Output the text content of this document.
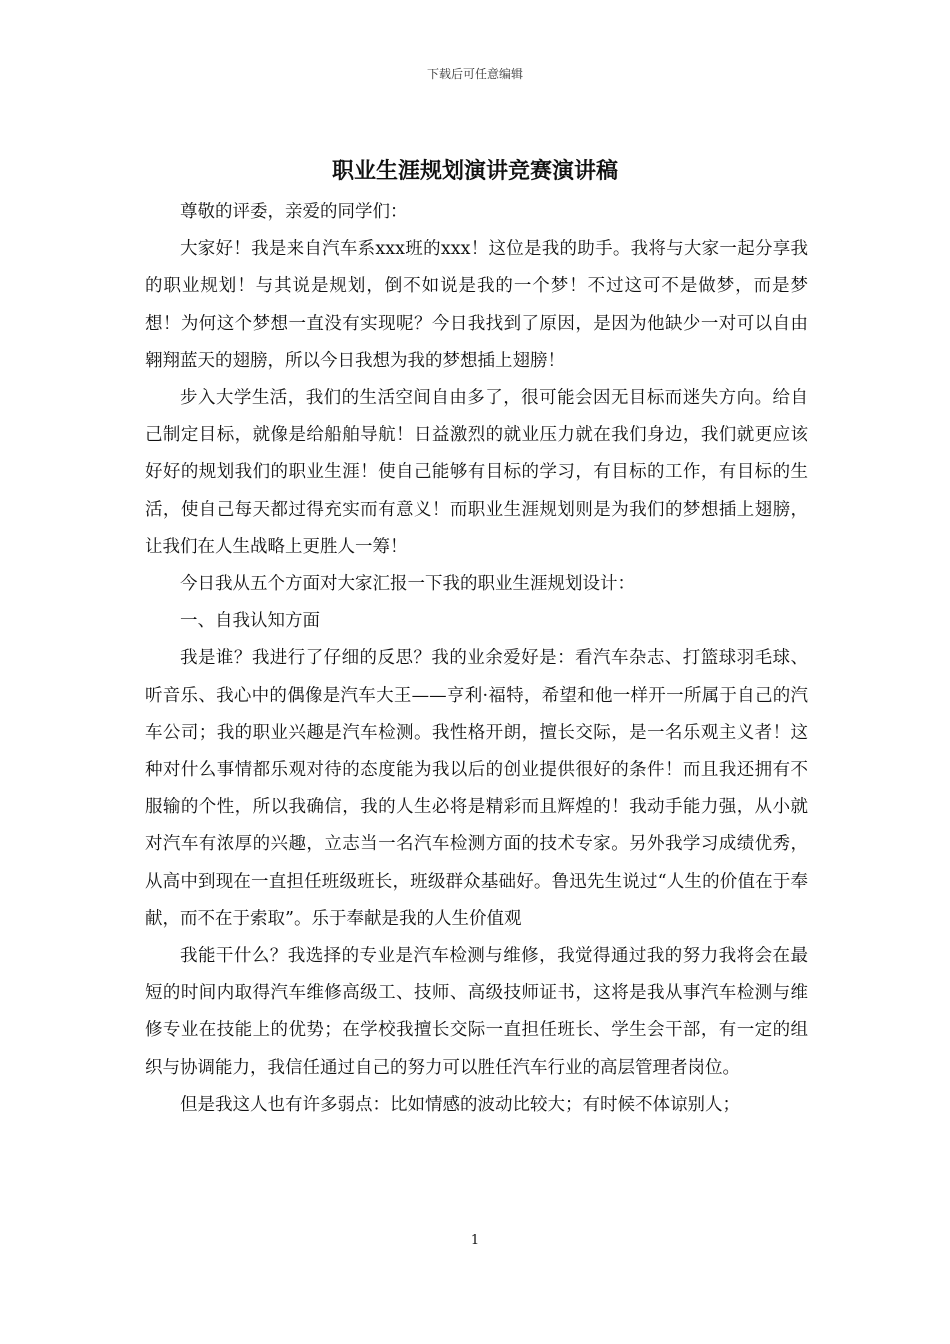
下载后可任意编辑
职业生涯规划演讲竞赛演讲稿

尊敬的评委，亲爱的同学们：

大家好！我是来自汽车系xxx班的xxx！这位是我的助手。我将与大家一起分享我的职业规划！与其说是规划，倒不如说是我的一个梦！不过这可不是做梦，而是梦想！为何这个梦想一直没有实现呢？今日我找到了原因，是因为他缺少一对可以自由翱翔蓝天的翅膀，所以今日我想为我的梦想插上翅膀！

步入大学生活，我们的生活空间自由多了，很可能会因无目标而迷失方向。给自己制定目标，就像是给船舶导航！日益激烈的就业压力就在我们身边，我们就更应该好好的规划我们的职业生涯！使自己能够有目标的学习，有目标的工作，有目标的生活，使自己每天都过得充实而有意义！而职业生涯规划则是为我们的梦想插上翅膀，让我们在人生战略上更胜人一筹！

今日我从五个方面对大家汇报一下我的职业生涯规划设计：

一、自我认知方面

我是谁？我进行了仔细的反思？我的业余爱好是：看汽车杂志、打篮球羽毛球、听音乐、我心中的偶像是汽车大王——亨利·福特，希望和他一样开一所属于自己的汽车公司；我的职业兴趣是汽车检测。我性格开朗，擅长交际，是一名乐观主义者！这种对什么事情都乐观对待的态度能为我以后的创业提供很好的条件！而且我还拥有不服输的个性，所以我确信，我的人生必将是精彩而且辉煌的！我动手能力强，从小就对汽车有浓厚的兴趣，立志当一名汽车检测方面的技术专家。另外我学习成绩优秀，从高中到现在一直担任班级班长，班级群众基础好。鲁迅先生说过“人生的价值在于奉献，而不在于索取”。乐于奉献是我的人生价值观

我能干什么？我选择的专业是汽车检测与维修，我觉得通过我的努力我将会在最短的时间内取得汽车维修高级工、技师、高级技师证书，这将是我从事汽车检测与维修专业在技能上的优势；在学校我擅长交际一直担任班长、学生会干部，有一定的组织与协调能力，我信任通过自己的努力可以胜任汽车行业的高层管理者岗位。

但是我这人也有许多弱点：比如情感的波动比较大；有时候不体谅别人；

1
